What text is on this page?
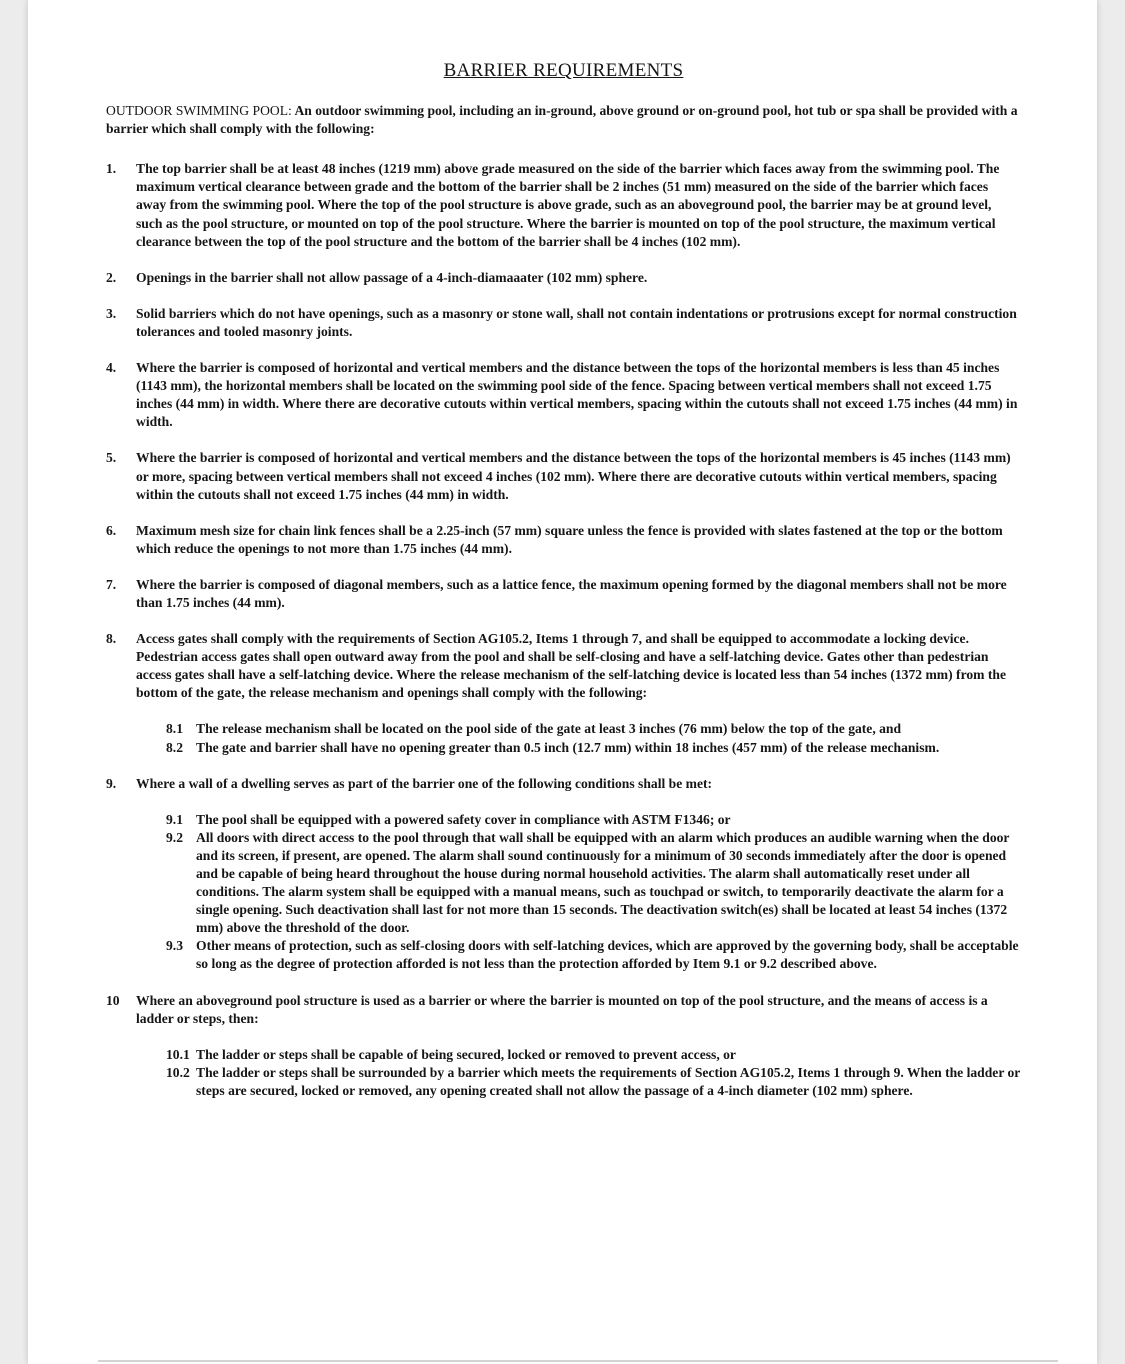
BARRIER REQUIREMENTS
OUTDOOR SWIMMING POOL: An outdoor swimming pool, including an in-ground, above ground or on-ground pool, hot tub or spa shall be provided with a barrier which shall comply with the following:
1. The top barrier shall be at least 48 inches (1219 mm) above grade measured on the side of the barrier which faces away from the swimming pool. The maximum vertical clearance between grade and the bottom of the barrier shall be 2 inches (51 mm) measured on the side of the barrier which faces away from the swimming pool. Where the top of the pool structure is above grade, such as an aboveground pool, the barrier may be at ground level, such as the pool structure, or mounted on top of the pool structure. Where the barrier is mounted on top of the pool structure, the maximum vertical clearance between the top of the pool structure and the bottom of the barrier shall be 4 inches (102 mm).
2. Openings in the barrier shall not allow passage of a 4-inch-diamaaater (102 mm) sphere.
3. Solid barriers which do not have openings, such as a masonry or stone wall, shall not contain indentations or protrusions except for normal construction tolerances and tooled masonry joints.
4. Where the barrier is composed of horizontal and vertical members and the distance between the tops of the horizontal members is less than 45 inches (1143 mm), the horizontal members shall be located on the swimming pool side of the fence. Spacing between vertical members shall not exceed 1.75 inches (44 mm) in width. Where there are decorative cutouts within vertical members, spacing within the cutouts shall not exceed 1.75 inches (44 mm) in width.
5. Where the barrier is composed of horizontal and vertical members and the distance between the tops of the horizontal members is 45 inches (1143 mm) or more, spacing between vertical members shall not exceed 4 inches (102 mm). Where there are decorative cutouts within vertical members, spacing within the cutouts shall not exceed 1.75 inches (44 mm) in width.
6. Maximum mesh size for chain link fences shall be a 2.25-inch (57 mm) square unless the fence is provided with slates fastened at the top or the bottom which reduce the openings to not more than 1.75 inches (44 mm).
7. Where the barrier is composed of diagonal members, such as a lattice fence, the maximum opening formed by the diagonal members shall not be more than 1.75 inches (44 mm).
8. Access gates shall comply with the requirements of Section AG105.2, Items 1 through 7, and shall be equipped to accommodate a locking device. Pedestrian access gates shall open outward away from the pool and shall be self-closing and have a self-latching device. Gates other than pedestrian access gates shall have a self-latching device. Where the release mechanism of the self-latching device is located less than 54 inches (1372 mm) from the bottom of the gate, the release mechanism and openings shall comply with the following:
8.1 The release mechanism shall be located on the pool side of the gate at least 3 inches (76 mm) below the top of the gate, and
8.2 The gate and barrier shall have no opening greater than 0.5 inch (12.7 mm) within 18 inches (457 mm) of the release mechanism.
9. Where a wall of a dwelling serves as part of the barrier one of the following conditions shall be met:
9.1 The pool shall be equipped with a powered safety cover in compliance with ASTM F1346; or
9.2 All doors with direct access to the pool through that wall shall be equipped with an alarm which produces an audible warning when the door and its screen, if present, are opened. The alarm shall sound continuously for a minimum of 30 seconds immediately after the door is opened and be capable of being heard throughout the house during normal household activities. The alarm shall automatically reset under all conditions. The alarm system shall be equipped with a manual means, such as touchpad or switch, to temporarily deactivate the alarm for a single opening. Such deactivation shall last for not more than 15 seconds. The deactivation switch(es) shall be located at least 54 inches (1372 mm) above the threshold of the door.
9.3 Other means of protection, such as self-closing doors with self-latching devices, which are approved by the governing body, shall be acceptable so long as the degree of protection afforded is not less than the protection afforded by Item 9.1 or 9.2 described above.
10 Where an aboveground pool structure is used as a barrier or where the barrier is mounted on top of the pool structure, and the means of access is a ladder or steps, then:
10.1 The ladder or steps shall be capable of being secured, locked or removed to prevent access, or
10.2 The ladder or steps shall be surrounded by a barrier which meets the requirements of Section AG105.2, Items 1 through 9. When the ladder or steps are secured, locked or removed, any opening created shall not allow the passage of a 4-inch diameter (102 mm) sphere.
